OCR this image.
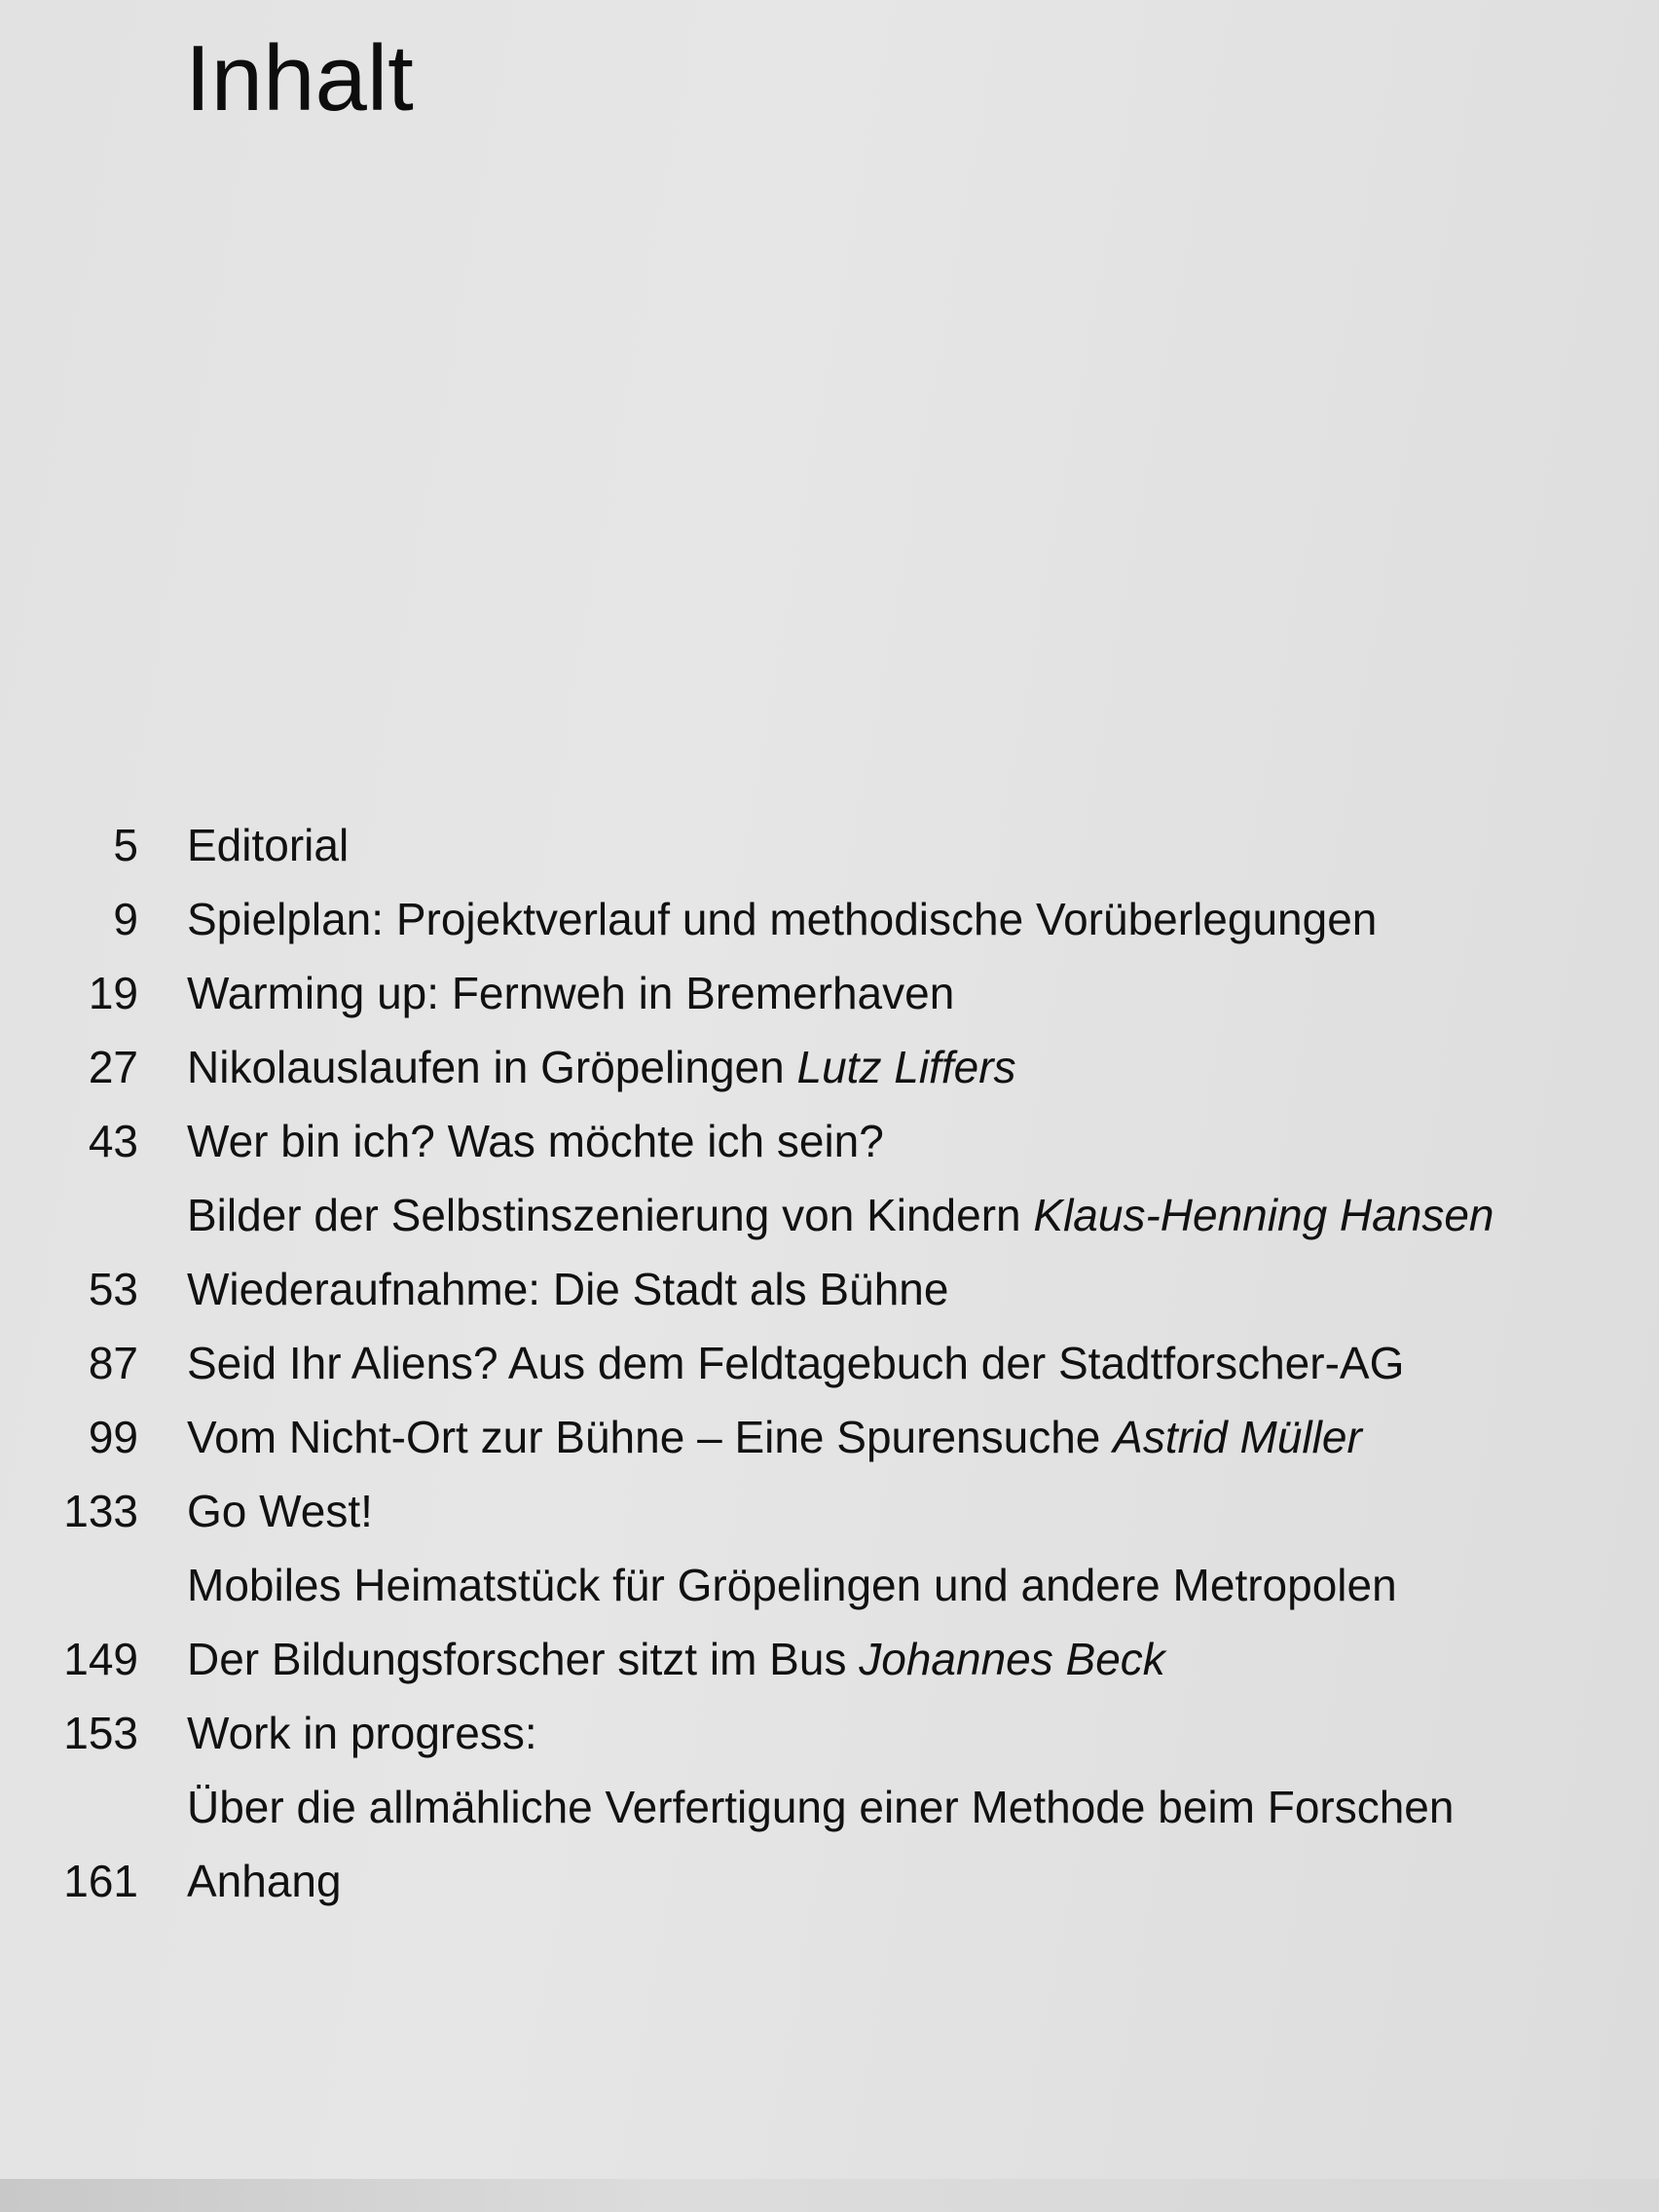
Inhalt
5 Editorial
9 Spielplan: Projektverlauf und methodische Vorüberlegungen
19 Warming up: Fernweh in Bremerhaven
27 Nikolauslaufen in Gröpelingen Lutz Liffers
43 Wer bin ich? Was möchte ich sein?
Bilder der Selbstinszenierung von Kindern Klaus-Henning Hansen
53 Wiederaufnahme: Die Stadt als Bühne
87 Seid Ihr Aliens? Aus dem Feldtagebuch der Stadtforscher-AG
99 Vom Nicht-Ort zur Bühne – Eine Spurensuche Astrid Müller
133 Go West!
Mobiles Heimatstück für Gröpelingen und andere Metropolen
149 Der Bildungsforscher sitzt im Bus Johannes Beck
153 Work in progress:
Über die allmähliche Verfertigung einer Methode beim Forschen
161 Anhang
